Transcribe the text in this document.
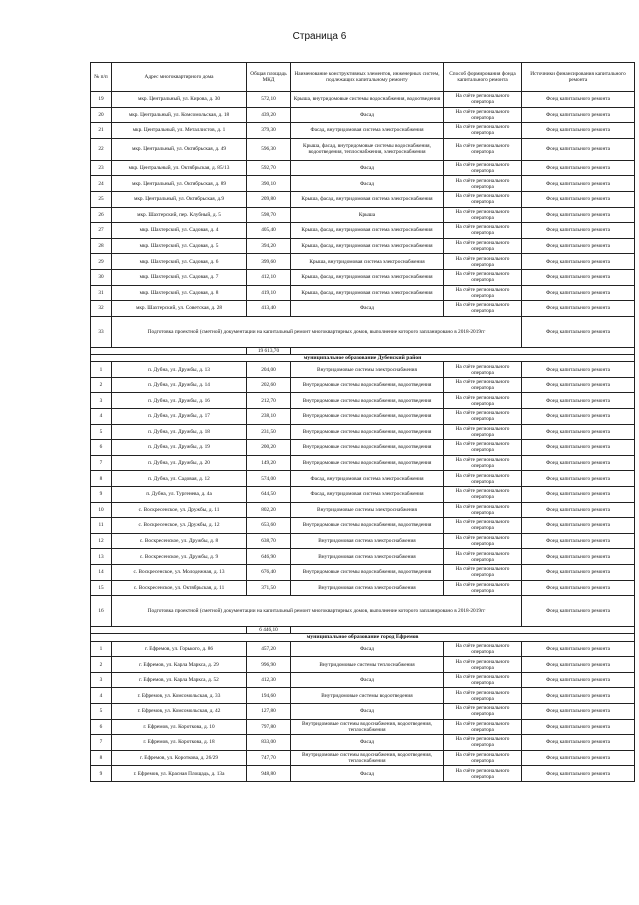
Страница 6
№ п/п	Адрес многоквартирного дома	Общая площадь МКД	Наименование конструктивных элементов, инженерных систем, подлежащих капитальному ремонту	Способ формирования фонда капитального ремонта	Источники финансирования капитального ремонта
19	мкр. Центральный, ул. Кирова, д. 30	572,10	Крыша, внутридомовые системы водоснабжения, водоотведения	На счёте регионального оператора	Фонд капитального ремонта
20	мкр. Центральный, ул. Комсомольская, д. 18	439,20	Фасад	На счёте регионального оператора	Фонд капитального ремонта
21	мкр. Центральный, ул. Металлистов, д. 1	379,30	Фасад, внутридомовая система электроснабжения	На счёте регионального оператора	Фонд капитального ремонта
22	мкр. Центральный, ул. Октябрьская, д. 49	596,30	Крыша, фасад, внутридомовые системы водоснабжения, водоотведения, теплоснабжения, электроснабжения	На счёте регионального оператора	Фонд капитального ремонта
23	мкр. Центральный, ул. Октябрьская, д. 85/13	592,70	Фасад	На счёте регионального оператора	Фонд капитального ремонта
24	мкр. Центральный, ул. Октябрьская, д. 89	390,10	Фасад	На счёте регионального оператора	Фонд капитального ремонта
25	мкр. Центральный, ул. Октябрьская, д.9	209,80	Крыша, фасад, внутридомовая система электроснабжения	На счёте регионального оператора	Фонд капитального ремонта
26	мкр. Шахтерский, пер. Клубный, д. 5	598,70	Крыша	На счёте регионального оператора	Фонд капитального ремонта
27	мкр. Шахтерский, ул. Садовая, д. 4	405,40	Крыша, фасад, внутридомовая система электроснабжения	На счёте регионального оператора	Фонд капитального ремонта
28	мкр. Шахтерский, ул. Садовая, д. 5	394,20	Крыша, фасад, внутридомовая система электроснабжения	На счёте регионального оператора	Фонд капитального ремонта
29	мкр. Шахтерский, ул. Садовая, д. 6	399,60	Крыша, внутридомовая система электроснабжения	На счёте регионального оператора	Фонд капитального ремонта
30	мкр. Шахтерский, ул. Садовая, д. 7	412,10	Крыша, фасад, внутридомовая система электроснабжения	На счёте регионального оператора	Фонд капитального ремонта
31	мкр. Шахтерский, ул. Садовая, д. 8	419,10	Крыша, фасад, внутридомовая система электроснабжения	На счёте регионального оператора	Фонд капитального ремонта
32	мкр. Шахтерский, ул. Советская, д. 28	413,40	Фасад	На счёте регионального оператора	Фонд капитального ремонта
33	Подготовка проектной (сметной) документации на капитальный ремонт многоквартирных домов, выполнение которого запланировано в 2018-2019гг				Фонд капитального ремонта
		19 613,70			
муниципальное образование Дубенский район					
1	п. Дубна, ул. Дружбы, д. 13	204,00	Внутридомовые системы электроснабжения	На счёте регионального оператора	Фонд капитального ремонта
2	п. Дубна, ул. Дружбы, д. 14	202,60	Внутридомовые системы водоснабжения, водоотведения	На счёте регионального оператора	Фонд капитального ремонта
3	п. Дубна, ул. Дружбы, д. 16	212,70	Внутридомовые системы водоснабжения, водоотведения	На счёте регионального оператора	Фонд капитального ремонта
4	п. Дубна, ул. Дружбы, д. 17	238,10	Внутридомовые системы водоснабжения, водоотведения	На счёте регионального оператора	Фонд капитального ремонта
5	п. Дубна, ул. Дружбы, д. 18	231,50	Внутридомовые системы водоснабжения, водоотведения	На счёте регионального оператора	Фонд капитального ремонта
6	п. Дубна, ул. Дружбы, д. 19	200,20	Внутридомовые системы водоснабжения, водоотведения	На счёте регионального оператора	Фонд капитального ремонта
7	п. Дубна, ул. Дружбы, д. 20	149,20	Внутридомовые системы водоснабжения, водоотведения	На счёте регионального оператора	Фонд капитального ремонта
8	п. Дубна, ул. Садовая, д. 12	574,00	Фасад, внутридомовая система электроснабжения	На счёте регионального оператора	Фонд капитального ремонта
9	п. Дубна, ул. Тургенева, д. 4а	644,50	Фасад, внутридомовая система электроснабжения	На счёте регионального оператора	Фонд капитального ремонта
10	с. Воскресенское, ул. Дружбы, д. 11	802,20	Внутридомовые системы электроснабжения	На счёте регионального оператора	Фонд капитального ремонта
11	с. Воскресенское, ул. Дружбы, д. 12	653,60	Внутридомовые системы водоснабжения, водоотведения	На счёте регионального оператора	Фонд капитального ремонта
12	с. Воскресенское, ул. Дружбы, д. 8	638,70	Внутридомовая система электроснабжения	На счёте регионального оператора	Фонд капитального ремонта
13	с. Воскресенское, ул. Дружбы, д. 9	646,90	Внутридомовая система электроснабжения	На счёте регионального оператора	Фонд капитального ремонта
14	с. Воскресенское, ул. Молодежная, д. 13	676,40	Внутридомовые системы водоснабжения, водоотведения	На счёте регионального оператора	Фонд капитального ремонта
15	с. Воскресенское, ул. Октябрьская, д. 11	371,50	Внутридомовая система электроснабжения	На счёте регионального оператора	Фонд капитального ремонта
16	Подготовка проектной (сметной) документации на капитальный ремонт многоквартирных домов, выполнение которого запланировано в 2018-2019гг				Фонд капитального ремонта
		6 446,10			
муниципальное образование город Ефремов					
1	г. Ефремов, ул. Горького, д. 86	457,20	Фасад	На счёте регионального оператора	Фонд капитального ремонта
2	г. Ефремов, ул. Карла Маркса, д. 29	996,90	Внутридомовые системы теплоснабжения	На счёте регионального оператора	Фонд капитального ремонта
3	г. Ефремов, ул. Карла Маркса, д. 52	412,30	Фасад	На счёте регионального оператора	Фонд капитального ремонта
4	г. Ефремов, ул. Комсомольская, д. 33	194,60	Внутридомовые системы водоотведения	На счёте регионального оператора	Фонд капитального ремонта
5	г. Ефремов, ул. Комсомольская, д. 42	127,80	Фасад	На счёте регионального оператора	Фонд капитального ремонта
6	г. Ефремов, ул. Короткова, д. 10	797,80	Внутридомовые системы водоснабжения, водоотведения, теплоснабжения	На счёте регионального оператора	Фонд капитального ремонта
7	г. Ефремов, ул. Короткова, д. 18	833,00	Фасад	На счёте регионального оператора	Фонд капитального ремонта
8	г. Ефремов, ул. Короткова, д. 26/29	747,70	Внутридомовые системы водоснабжения, водоотведения, теплоснабжения	На счёте регионального оператора	Фонд капитального ремонта
9	г. Ефремов, ул. Красная Площадь, д. 13а	948,80	Фасад	На счёте регионального оператора	Фонд капитального ремонта
